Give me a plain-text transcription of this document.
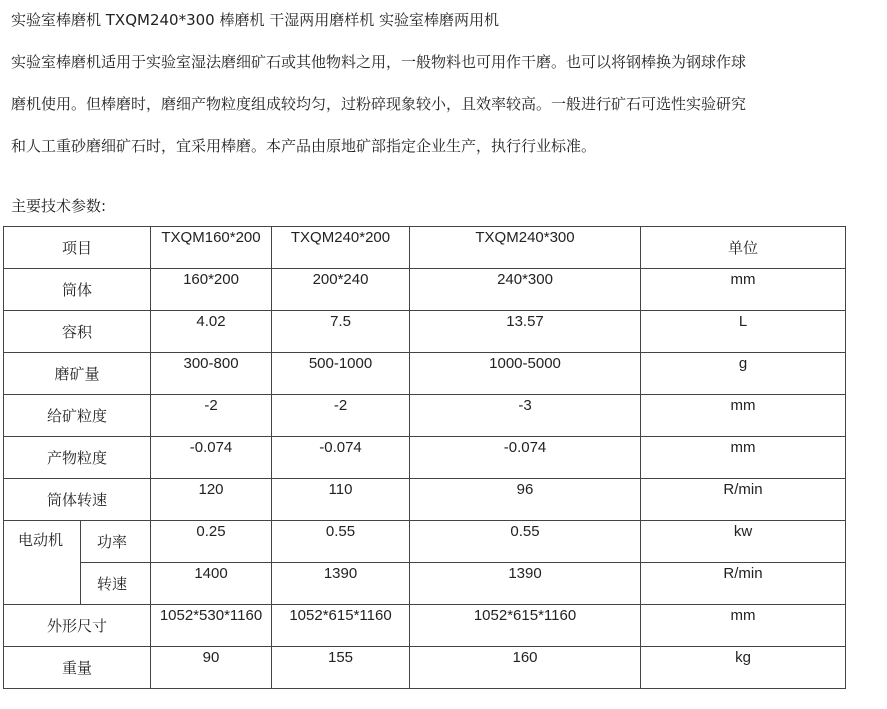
实验室棒磨机 TXQM240*300 棒磨机 干湿两用磨样机 实验室棒磨两用机
实验室棒磨机适用于实验室湿法磨细矿石或其他物料之用，一般物料也可用作干磨。也可以将钢棒换为钢球作球
磨机使用。但棒磨时，磨细产物粒度组成较均匀，过粉碎现象较小，且效率较高。一般进行矿石可选性实验研究
和人工重砂磨细矿石时，宜采用棒磨。本产品由原地矿部指定企业生产，执行行业标准。
主要技术参数:
项目		TXQM160*200	TXQM240*200	TXQM240*300	单位
筒体		160*200	200*240	240*300	mm

容积		4.02	7.5	13.57	L

磨矿量		300-800	500-1000	1000-5000	g

给矿粒度		-2	-2	-3	mm

产物粒度		-0.074	-0.074	-0.074	mm

筒体转速		120	110	96	R/min

电动机	功率	0.25	0.55	0.55	kw

	转速	1400	1390	1390	R/min

外形尺寸		1052*530*1160	1052*615*1160	1052*615*1160	mm

重量		90	155	160	kg
